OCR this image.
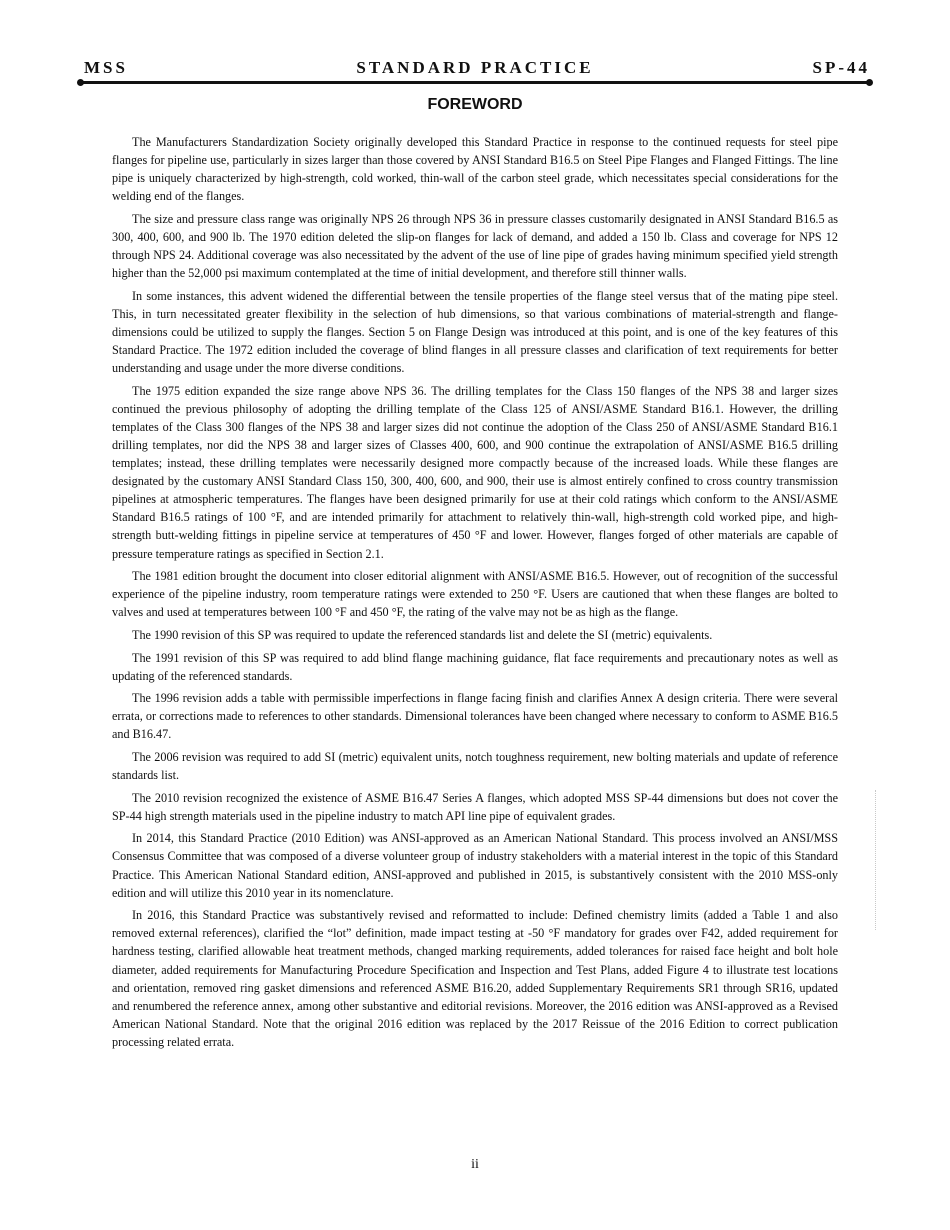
MSS	STANDARD PRACTICE	SP-44
FOREWORD

The Manufacturers Standardization Society originally developed this Standard Practice in response to the continued requests for steel pipe flanges for pipeline use, particularly in sizes larger than those covered by ANSI Standard B16.5 on Steel Pipe Flanges and Flanged Fittings. The line pipe is uniquely characterized by high-strength, cold worked, thin-wall of the carbon steel grade, which necessitates special considerations for the welding end of the flanges.

The size and pressure class range was originally NPS 26 through NPS 36 in pressure classes customarily designated in ANSI Standard B16.5 as 300, 400, 600, and 900 lb. The 1970 edition deleted the slip-on flanges for lack of demand, and added a 150 lb. Class and coverage for NPS 12 through NPS 24. Additional coverage was also necessitated by the advent of the use of line pipe of grades having minimum specified yield strength higher than the 52,000 psi maximum contemplated at the time of initial development, and therefore still thinner walls.

In some instances, this advent widened the differential between the tensile properties of the flange steel versus that of the mating pipe steel. This, in turn necessitated greater flexibility in the selection of hub dimensions, so that various combinations of material-strength and flange-dimensions could be utilized to supply the flanges. Section 5 on Flange Design was introduced at this point, and is one of the key features of this Standard Practice. The 1972 edition included the coverage of blind flanges in all pressure classes and clarification of text requirements for better understanding and usage under the more diverse conditions.

The 1975 edition expanded the size range above NPS 36. The drilling templates for the Class 150 flanges of the NPS 38 and larger sizes continued the previous philosophy of adopting the drilling template of the Class 125 of ANSI/ASME Standard B16.1. However, the drilling templates of the Class 300 flanges of the NPS 38 and larger sizes did not continue the adoption of the Class 250 of ANSI/ASME Standard B16.1 drilling templates, nor did the NPS 38 and larger sizes of Classes 400, 600, and 900 continue the extrapolation of ANSI/ASME B16.5 drilling templates; instead, these drilling templates were necessarily designed more compactly because of the increased loads. While these flanges are designated by the customary ANSI Standard Class 150, 300, 400, 600, and 900, their use is almost entirely confined to cross country transmission pipelines at atmospheric temperatures. The flanges have been designed primarily for use at their cold ratings which conform to the ANSI/ASME Standard B16.5 ratings of 100 °F, and are intended primarily for attachment to relatively thin-wall, high-strength cold worked pipe, and high-strength butt-welding fittings in pipeline service at temperatures of 450 °F and lower. However, flanges forged of other materials are capable of pressure temperature ratings as specified in Section 2.1.

The 1981 edition brought the document into closer editorial alignment with ANSI/ASME B16.5. However, out of recognition of the successful experience of the pipeline industry, room temperature ratings were extended to 250 °F. Users are cautioned that when these flanges are bolted to valves and used at temperatures between 100 °F and 450 °F, the rating of the valve may not be as high as the flange.

The 1990 revision of this SP was required to update the referenced standards list and delete the SI (metric) equivalents.

The 1991 revision of this SP was required to add blind flange machining guidance, flat face requirements and precautionary notes as well as updating of the referenced standards.

The 1996 revision adds a table with permissible imperfections in flange facing finish and clarifies Annex A design criteria. There were several errata, or corrections made to references to other standards. Dimensional tolerances have been changed where necessary to conform to ASME B16.5 and B16.47.

The 2006 revision was required to add SI (metric) equivalent units, notch toughness requirement, new bolting materials and update of reference standards list.

The 2010 revision recognized the existence of ASME B16.47 Series A flanges, which adopted MSS SP-44 dimensions but does not cover the SP-44 high strength materials used in the pipeline industry to match API line pipe of equivalent grades.

In 2014, this Standard Practice (2010 Edition) was ANSI-approved as an American National Standard. This process involved an ANSI/MSS Consensus Committee that was composed of a diverse volunteer group of industry stakeholders with a material interest in the topic of this Standard Practice. This American National Standard edition, ANSI-approved and published in 2015, is substantively consistent with the 2010 MSS-only edition and will utilize this 2010 year in its nomenclature.

In 2016, this Standard Practice was substantively revised and reformatted to include: Defined chemistry limits (added a Table 1 and also removed external references), clarified the “lot” definition, made impact testing at -50 °F mandatory for grades over F42, added requirement for hardness testing, clarified allowable heat treatment methods, changed marking requirements, added tolerances for raised face height and bolt hole diameter, added requirements for Manufacturing Procedure Specification and Inspection and Test Plans, added Figure 4 to illustrate test locations and orientation, removed ring gasket dimensions and referenced ASME B16.20, added Supplementary Requirements SR1 through SR16, updated and renumbered the reference annex, among other substantive and editorial revisions. Moreover, the 2016 edition was ANSI-approved as a Revised American National Standard. Note that the original 2016 edition was replaced by the 2017 Reissue of the 2016 Edition to correct publication processing related errata.

ii
